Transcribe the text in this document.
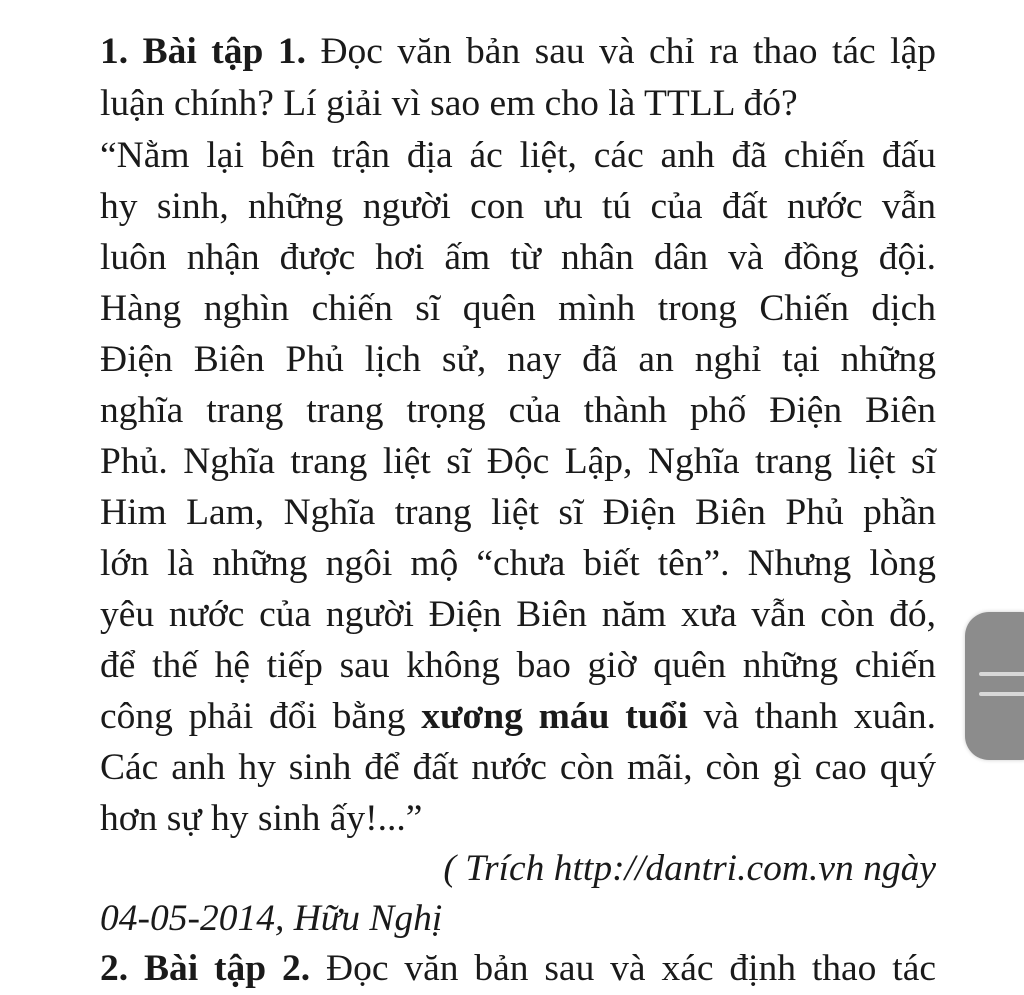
1. Bài tập 1. Đọc văn bản sau và chỉ ra thao tác lập
luận chính? Lí giải vì sao em cho là TTLL đó?
“Nằm lại bên trận địa ác liệt, các anh đã chiến đấu
hy sinh, những người con ưu tú của đất nước vẫn
luôn nhận được hơi ấm từ nhân dân và đồng đội.
Hàng nghìn chiến sĩ quên mình trong Chiến dịch
Điện Biên Phủ lịch sử, nay đã an nghỉ tại những
nghĩa trang trang trọng của thành phố Điện Biên
Phủ. Nghĩa trang liệt sĩ Độc Lập, Nghĩa trang liệt sĩ
Him Lam, Nghĩa trang liệt sĩ Điện Biên Phủ phần
lớn là những ngôi mộ “chưa biết tên”. Nhưng lòng
yêu nước của người Điện Biên năm xưa vẫn còn đó,
để thế hệ tiếp sau không bao giờ quên những chiến
công phải đổi bằng xương máu tuổi và thanh xuân.
Các anh hy sinh để đất nước còn mãi, còn gì cao quý
hơn sự hy sinh ấy!...”
( Trích http://dantri.com.vn ngày
04-05-2014, Hữu Nghị
2. Bài tập 2. Đọc văn bản sau và xác định thao tác
